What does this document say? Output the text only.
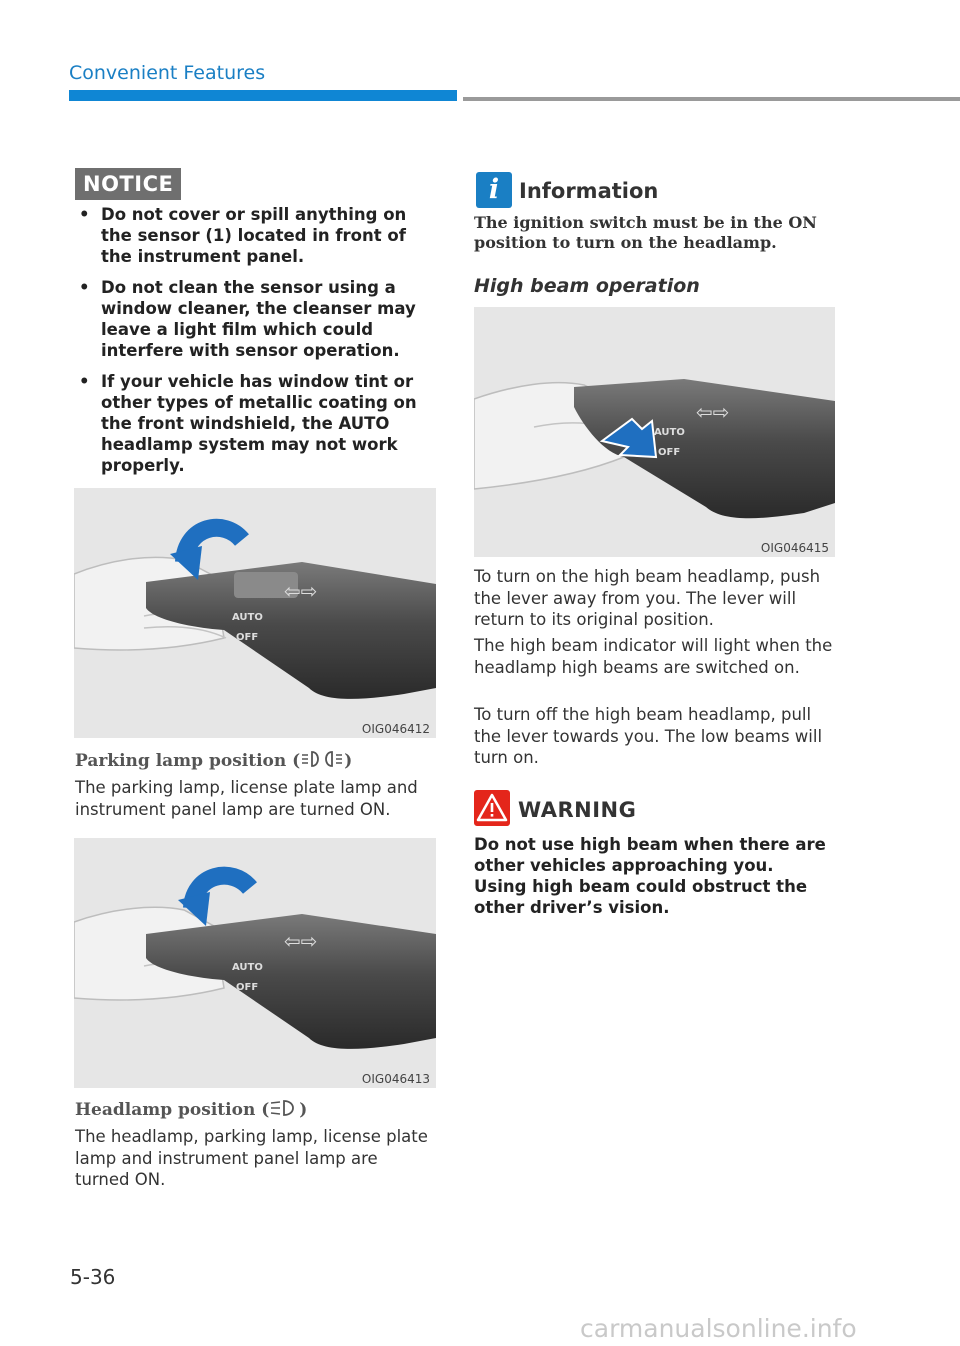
Convenient Features
NOTICE
• Do not cover or spill anything on the sensor (1) located in front of the instrument panel.
• Do not clean the sensor using a window cleaner, the cleanser may leave a light film which could interfere with sensor operation.
• If your vehicle has window tint or other types of metallic coating on the front windshield, the AUTO headlamp system may not work properly.
AUTO
OFF
⇦⇨
OIG046412
Parking lamp position (	)

The parking lamp, license plate lamp and instrument panel lamp are turned ON.

AUTO
OFF
⇦⇨
OIG046413
Headlamp position ( )

The headlamp, parking lamp, license plate lamp and instrument panel lamp are turned ON.

i Information

The ignition switch must be in the ON position to turn on the headlamp.

High beam operation
AUTO
OFF
⇦⇨
OIG046415

To turn on the high beam headlamp, push the lever away from you. The lever will return to its original position.

The high beam indicator will light when the headlamp high beams are switched on.

To turn off the high beam headlamp, pull the lever towards you. The low beams will turn on.

WARNING

Do not use high beam when there are other vehicles approaching you. Using high beam could obstruct the other driver’s vision.

5-36
carmanualsonline.info
